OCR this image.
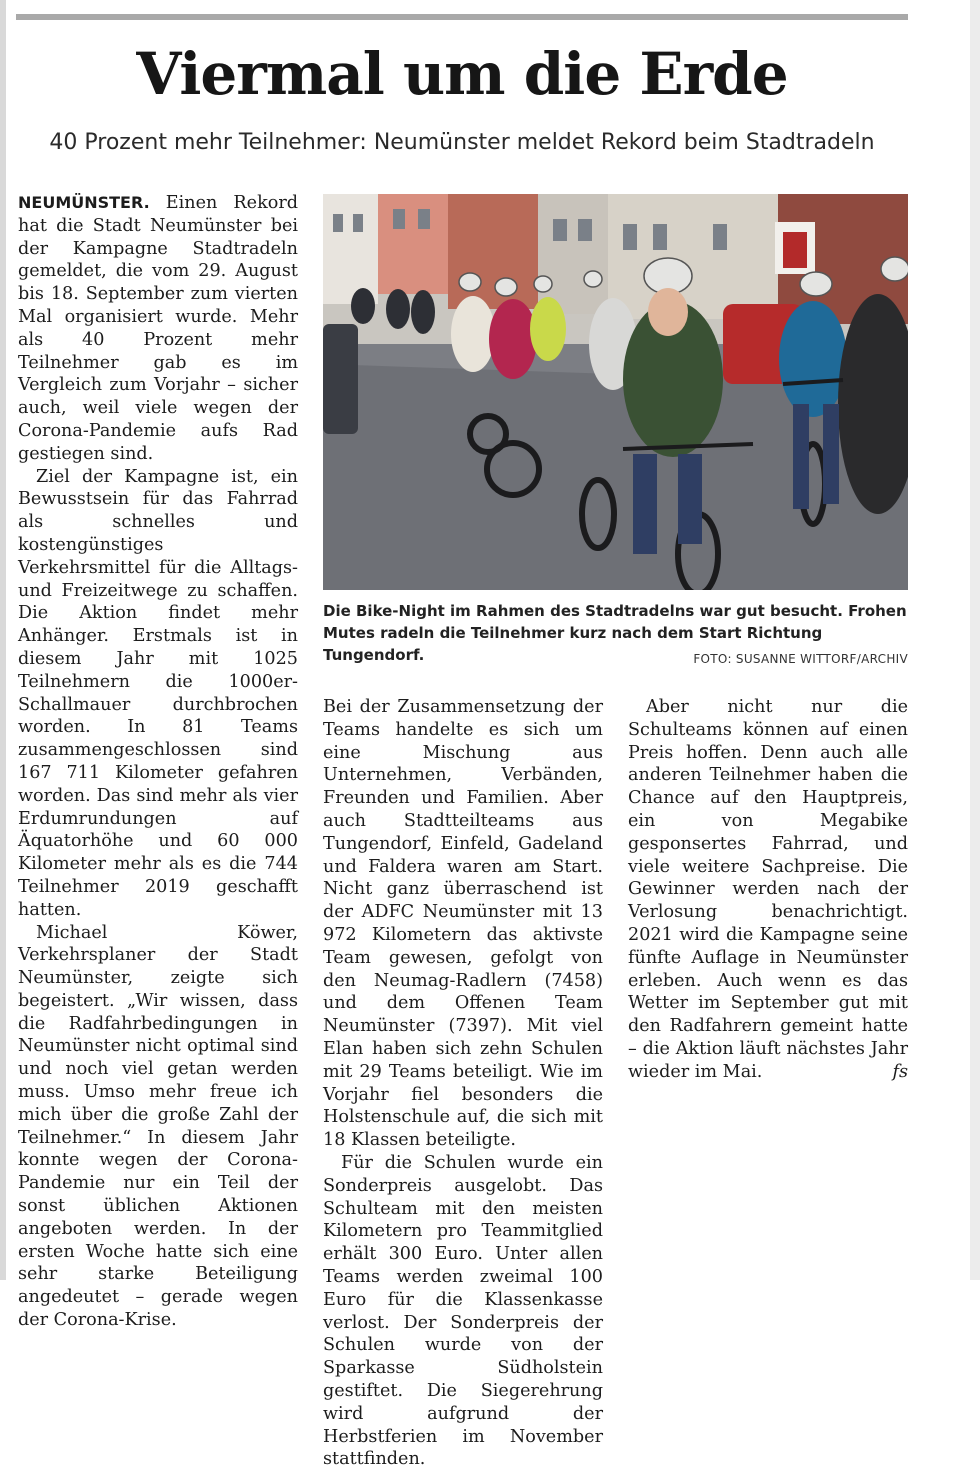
Viermal um die Erde
40 Prozent mehr Teilnehmer: Neumünster meldet Rekord beim Stadtradeln

NEUMÜNSTER. Einen Rekord hat die Stadt Neumünster bei der Kampagne Stadtradeln gemeldet, die vom 29. August bis 18. September zum vierten Mal organisiert wurde. Mehr als 40 Prozent mehr Teilnehmer gab es im Vergleich zum Vorjahr – sicher auch, weil viele wegen der Corona-Pandemie aufs Rad gestiegen sind.

Ziel der Kampagne ist, ein Bewusstsein für das Fahrrad als schnelles und kostengünstiges Verkehrsmittel für die Alltags- und Freizeitwege zu schaffen. Die Aktion findet mehr Anhänger. Erstmals ist in diesem Jahr mit 1025 Teilnehmern die 1000er-Schallmauer durchbrochen worden. In 81 Teams zusammengeschlossen sind 167 711 Kilometer gefahren worden. Das sind mehr als vier Erdumrundungen auf Äquatorhöhe und 60 000 Kilometer mehr als es die 744 Teilnehmer 2019 geschafft hatten.

Michael Köwer, Verkehrsplaner der Stadt Neumünster, zeigte sich begeistert. „Wir wissen, dass die Radfahrbedingungen in Neumünster nicht optimal sind und noch viel getan werden muss. Umso mehr freue ich mich über die große Zahl der Teilnehmer.“ In diesem Jahr konnte wegen der Corona-Pandemie nur ein Teil der sonst üblichen Aktionen angeboten werden. In der ersten Woche hatte sich eine sehr starke Beteiligung angedeutet – gerade wegen der Corona-Krise.

Die Bike-Night im Rahmen des Stadtradelns war gut besucht. Frohen Mutes radeln die Teilnehmer kurz nach dem Start Richtung Tungendorf.	FOTO: SUSANNE WITTORF/ARCHIV

Bei der Zusammensetzung der Teams handelte es sich um eine Mischung aus Unternehmen, Verbänden, Freunden und Familien. Aber auch Stadtteilteams aus Tungendorf, Einfeld, Gadeland und Faldera waren am Start. Nicht ganz überraschend ist der ADFC Neumünster mit 13 972 Kilometern das aktivste Team gewesen, gefolgt von den Neumag-Radlern (7458) und dem Offenen Team Neumünster (7397). Mit viel Elan haben sich zehn Schulen mit 29 Teams beteiligt. Wie im Vorjahr fiel besonders die Holstenschule auf, die sich mit 18 Klassen beteiligte.

Für die Schulen wurde ein Sonderpreis ausgelobt. Das Schulteam mit den meisten Kilometern pro Teammitglied erhält 300 Euro. Unter allen Teams werden zweimal 100 Euro für die Klassenkasse verlost. Der Sonderpreis der Schulen wurde von der Sparkasse Südholstein gestiftet. Die Siegerehrung wird aufgrund der Herbstferien im November stattfinden.

Aber nicht nur die Schulteams können auf einen Preis hoffen. Denn auch alle anderen Teilnehmer haben die Chance auf den Hauptpreis, ein von Megabike gesponsertes Fahrrad, und viele weitere Sachpreise. Die Gewinner werden nach der Verlosung benachrichtigt. 2021 wird die Kampagne seine fünfte Auflage in Neumünster erleben. Auch wenn es das Wetter im September gut mit den Radfahrern gemeint hatte – die Aktion läuft nächstes Jahr wieder im Mai.	fs
